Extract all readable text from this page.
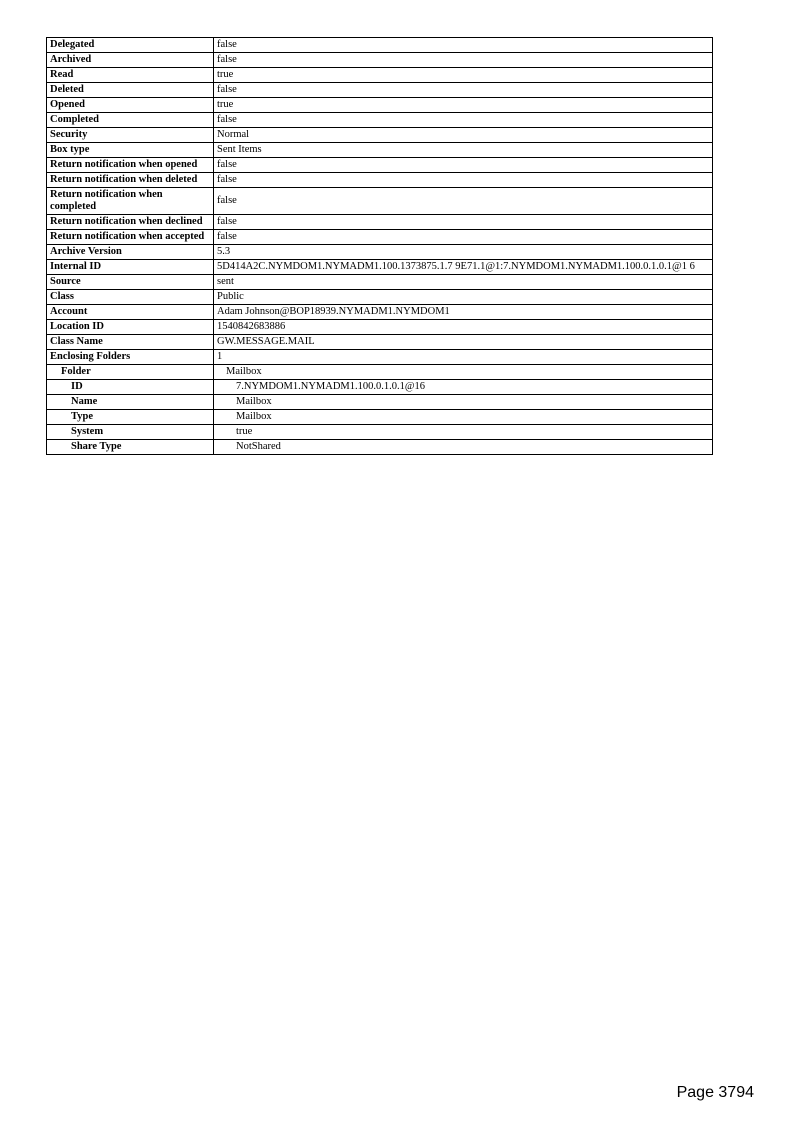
Delegated	false
Archived	false
Read	true
Deleted	false
Opened	true
Completed	false
Security	Normal
Box type	Sent Items
Return notification when opened	false
Return notification when deleted	false
Return notification when completed	false
Return notification when declined	false
Return notification when accepted	false
Archive Version	5.3
Internal ID	5D414A2C.NYMDOM1.NYMADM1.100.1373875.1.7 9E71.1@1:7.NYMDOM1.NYMADM1.100.0.1.0.1@1 6
Source	sent
Class	Public
Account	Adam Johnson@BOP18939.NYMADM1.NYMDOM1
Location ID	1540842683886
Class Name	GW.MESSAGE.MAIL
Enclosing Folders	1
Folder	Mailbox
ID	7.NYMDOM1.NYMADM1.100.0.1.0.1@16
Name	Mailbox
Type	Mailbox
System	true
Share Type	NotShared
Page 3794
